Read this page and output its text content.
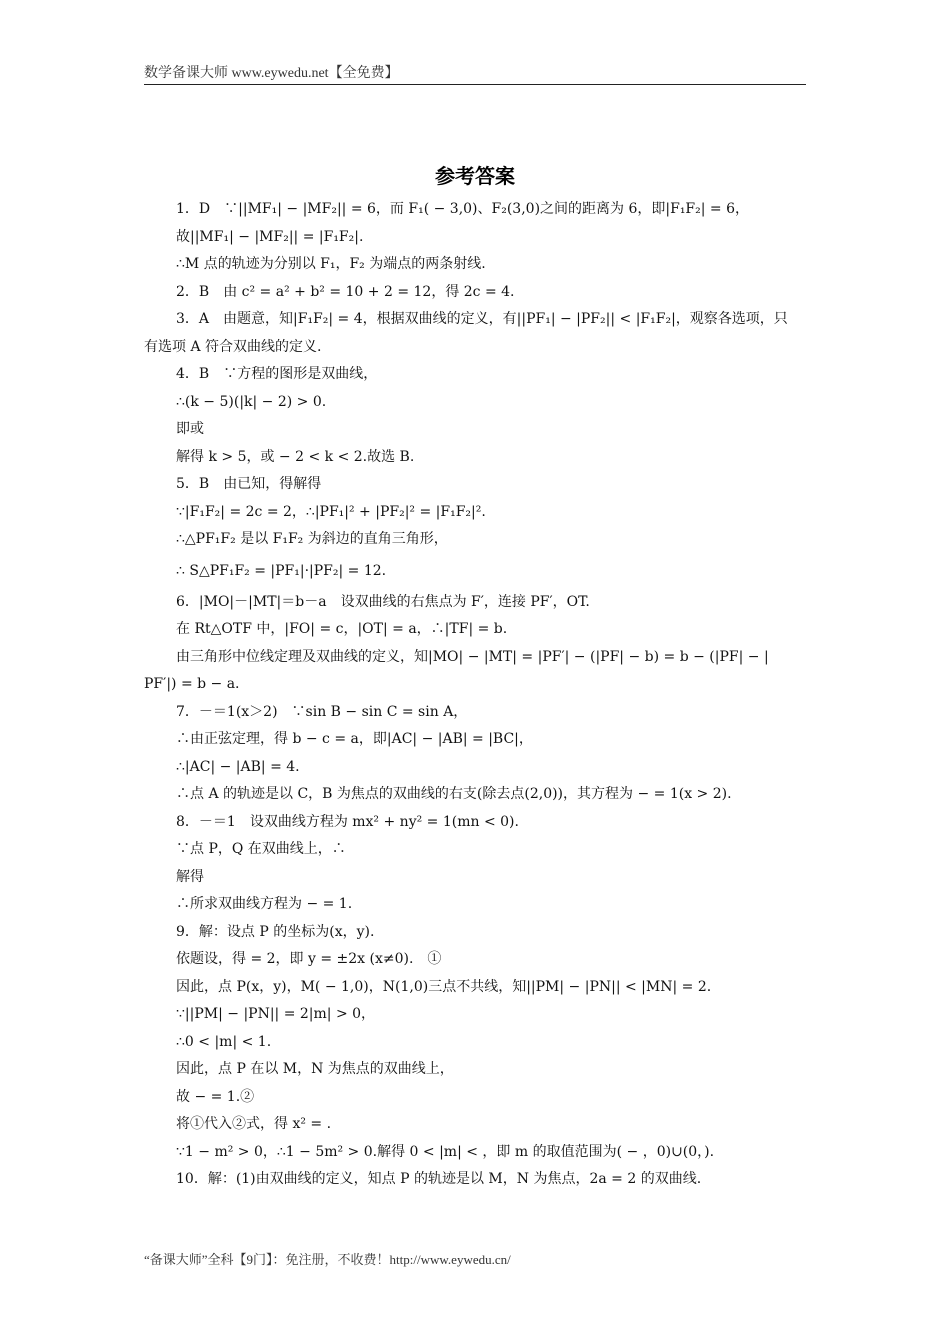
数学备课大师 www.eywedu.net【全免费】
参考答案

1．D　∵||MF₁| − |MF₂|| = 6，而 F₁( − 3,0)、F₂(3,0)之间的距离为 6，即|F₁F₂| = 6，

故||MF₁| − |MF₂|| = |F₁F₂|.

∴M 点的轨迹为分别以 F₁，F₂ 为端点的两条射线.

2．B　由 c² = a² + b² = 10 + 2 = 12，得 2c = 4.

3．A　由题意，知|F₁F₂| = 4，根据双曲线的定义，有||PF₁| − |PF₂|| < |F₁F₂|，观察各选项，只

有选项 A 符合双曲线的定义.

4．B　∵方程的图形是双曲线，

∴(k − 5)(|k| − 2) > 0.

即或

解得 k > 5，或 − 2 < k < 2.故选 B.

5．B　由已知，得解得

∵|F₁F₂| = 2c = 2，∴|PF₁|² + |PF₂|² = |F₁F₂|².

∴△PF₁F₂ 是以 F₁F₂ 为斜边的直角三角形，

∴ S△PF₁F₂ = |PF₁|·|PF₂| = 12.

6．|MO|－|MT|＝b－a　设双曲线的右焦点为 F′，连接 PF′，OT.

在 Rt△OTF 中，|FO| = c，|OT| = a，∴|TF| = b.

由三角形中位线定理及双曲线的定义，知|MO| − |MT| = |PF′| − (|PF| − b) = b − (|PF| − |

PF′|) = b − a.

7．－＝1(x＞2)　∵sin B − sin C = sin A，

∴由正弦定理，得 b − c = a，即|AC| − |AB| = |BC|，

∴|AC| − |AB| = 4.

∴点 A 的轨迹是以 C，B 为焦点的双曲线的右支(除去点(2,0))，其方程为 − = 1(x > 2).

8．－＝1　设双曲线方程为 mx² + ny² = 1(mn < 0).

∵点 P，Q 在双曲线上，∴

解得

∴所求双曲线方程为 − = 1.

9．解：设点 P 的坐标为(x，y).

依题设，得 = 2，即 y = ±2x (x≠0).　①

因此，点 P(x，y)，M( − 1,0)，N(1,0)三点不共线，知||PM| − |PN|| < |MN| = 2.

∵||PM| − |PN|| = 2|m| > 0，

∴0 < |m| < 1.

因此，点 P 在以 M，N 为焦点的双曲线上，

故 − = 1.②

将①代入②式，得 x² = .

∵1 − m² > 0，∴1 − 5m² > 0.解得 0 < |m| < ，即 m 的取值范围为( − ，0)∪(0，).

10．解：(1)由双曲线的定义，知点 P 的轨迹是以 M，N 为焦点，2a = 2 的双曲线.

“备课大师”全科【9门】：免注册，不收费！http://www.eywedu.cn/
